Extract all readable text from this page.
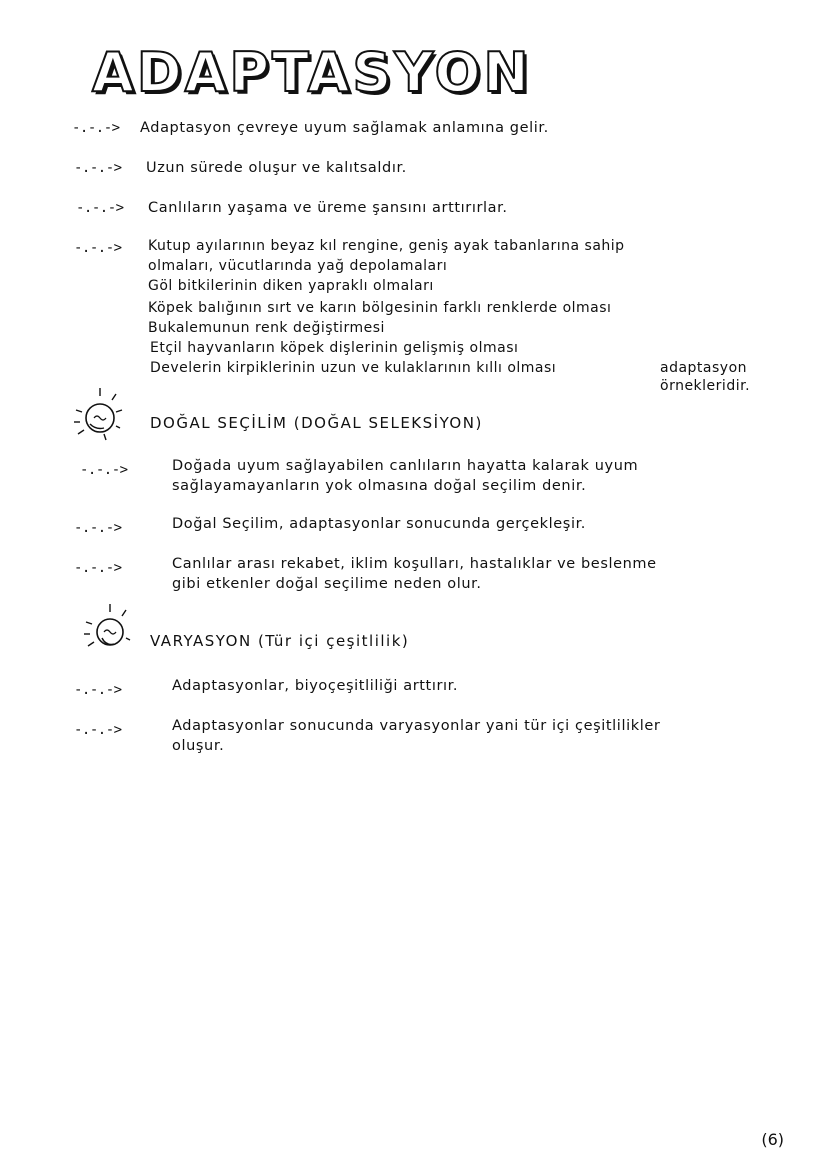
ADAPTASYON
-.-.-> Adaptasyon çevreye uyum sağlamak anlamına gelir.
-.-.-> Uzun sürede oluşur ve kalıtsaldır.
-.-.-> Canlıların yaşama ve üreme şansını arttırırlar.
-.-.-> Kutup ayılarının beyaz kıl rengine, geniş ayak tabanlarına sahip
olmaları, vücutlarında yağ depolamaları
Göl bitkilerinin diken yapraklı olmaları
Köpek balığının sırt ve karın bölgesinin farklı renklerde olması
Bukalemunun renk değiştirmesi
Etçil hayvanların köpek dişlerinin gelişmiş olması
Develerin kirpiklerinin uzun ve kulaklarının kıllı olması	adaptasyon
örnekleridir.
DOĞAL SEÇİLİM (DOĞAL SELEKSİYON)
-.-.->	Doğada uyum sağlayabilen canlıların hayatta kalarak uyum
sağlayamayanların yok olmasına doğal seçilim denir.
-.-.->	Doğal Seçilim, adaptasyonlar sonucunda gerçekleşir.
-.-.->	Canlılar arası rekabet, iklim koşulları, hastalıklar ve beslenme
gibi etkenler doğal seçilime neden olur.
VARYASYON (Tür içi çeşitlilik)
-.-.->	Adaptasyonlar, biyoçeşitliliği arttırır.
-.-.->	Adaptasyonlar sonucunda varyasyonlar yani tür içi çeşitlilikler
oluşur.
(6)
